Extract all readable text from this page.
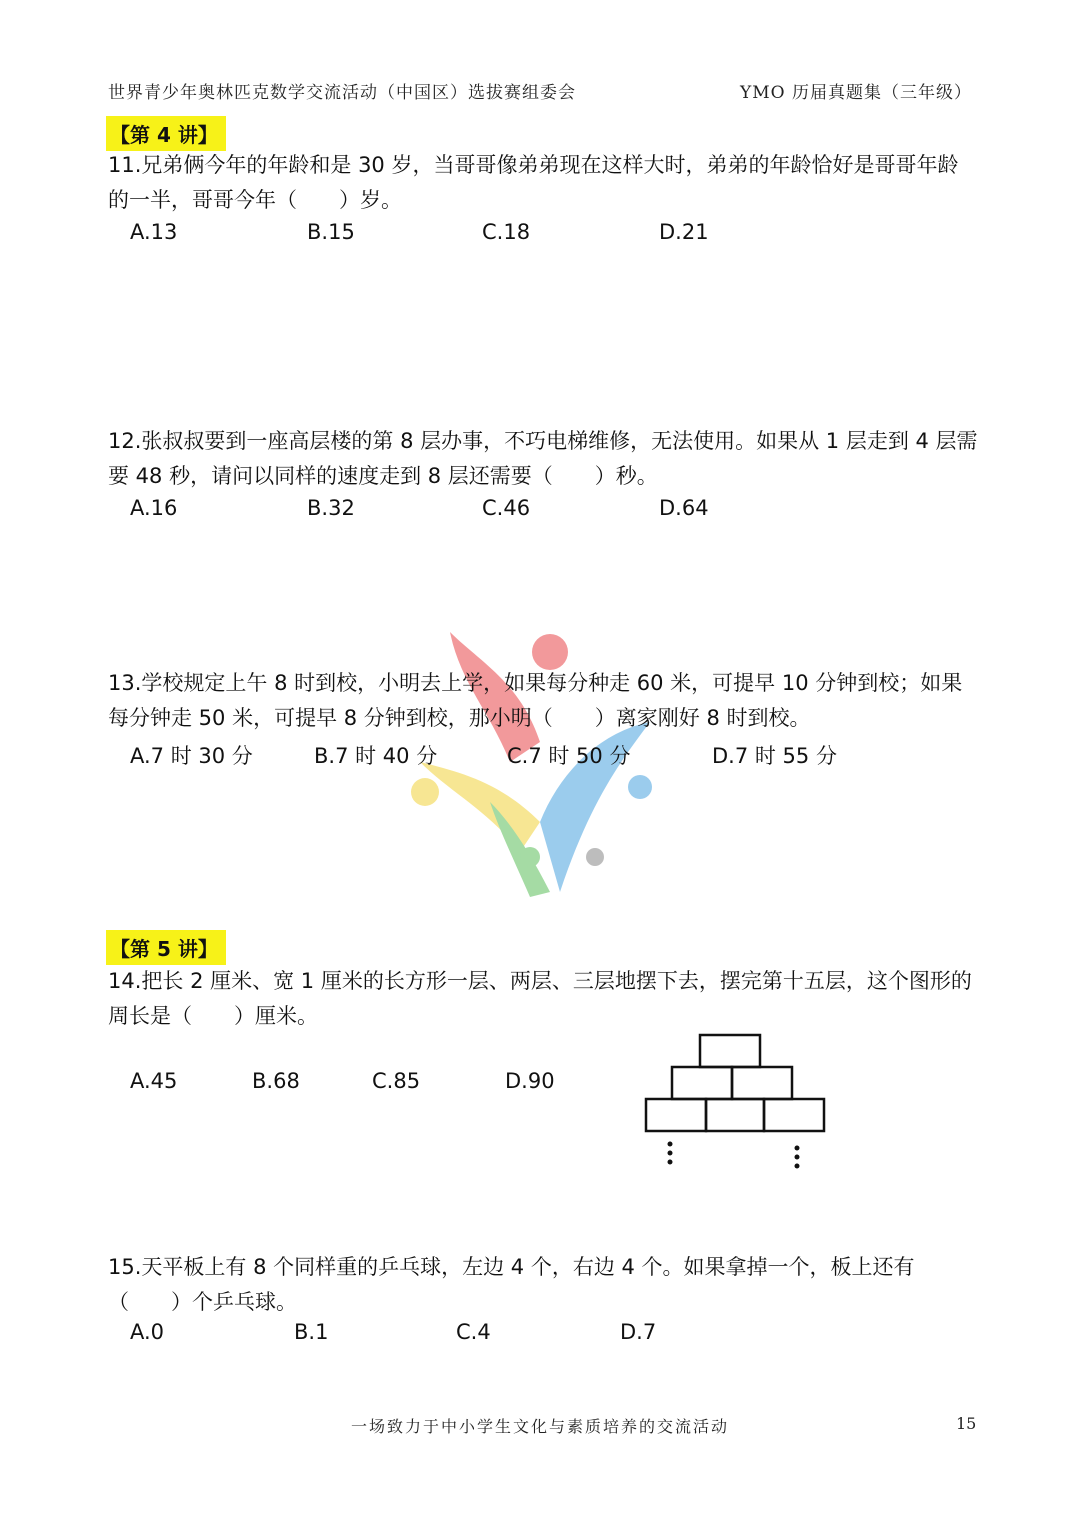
世界青少年奥林匹克数学交流活动（中国区）选拔赛组委会	YMO 历届真题集（三年级）
【第 4 讲】
11.兄弟俩今年的年龄和是 30 岁，当哥哥像弟弟现在这样大时，弟弟的年龄恰好是哥哥年龄的一半，哥哥今年（　　）岁。
A.13	B.15	C.18	D.21
12.张叔叔要到一座高层楼的第 8 层办事，不巧电梯维修，无法使用。如果从 1 层走到 4 层需要 48 秒，请问以同样的速度走到 8 层还需要（　　）秒。
A.16	B.32	C.46	D.64
13.学校规定上午 8 时到校，小明去上学，如果每分种走 60 米，可提早 10 分钟到校；如果每分钟走 50 米，可提早 8 分钟到校，那小明（　　）离家刚好 8 时到校。
A.7 时 30 分	B.7 时 40 分	C.7 时 50 分	D.7 时 55 分
【第 5 讲】
14.把长 2 厘米、宽 1 厘米的长方形一层、两层、三层地摆下去，摆完第十五层，这个图形的周长是（　　）厘米。
A.45	B.68	C.85	D.90
15.天平板上有 8 个同样重的乒乓球，左边 4 个，右边 4 个。如果拿掉一个，板上还有（　　）个乒乓球。
A.0	B.1	C.4	D.7
一场致力于中小学生文化与素质培养的交流活动	15
